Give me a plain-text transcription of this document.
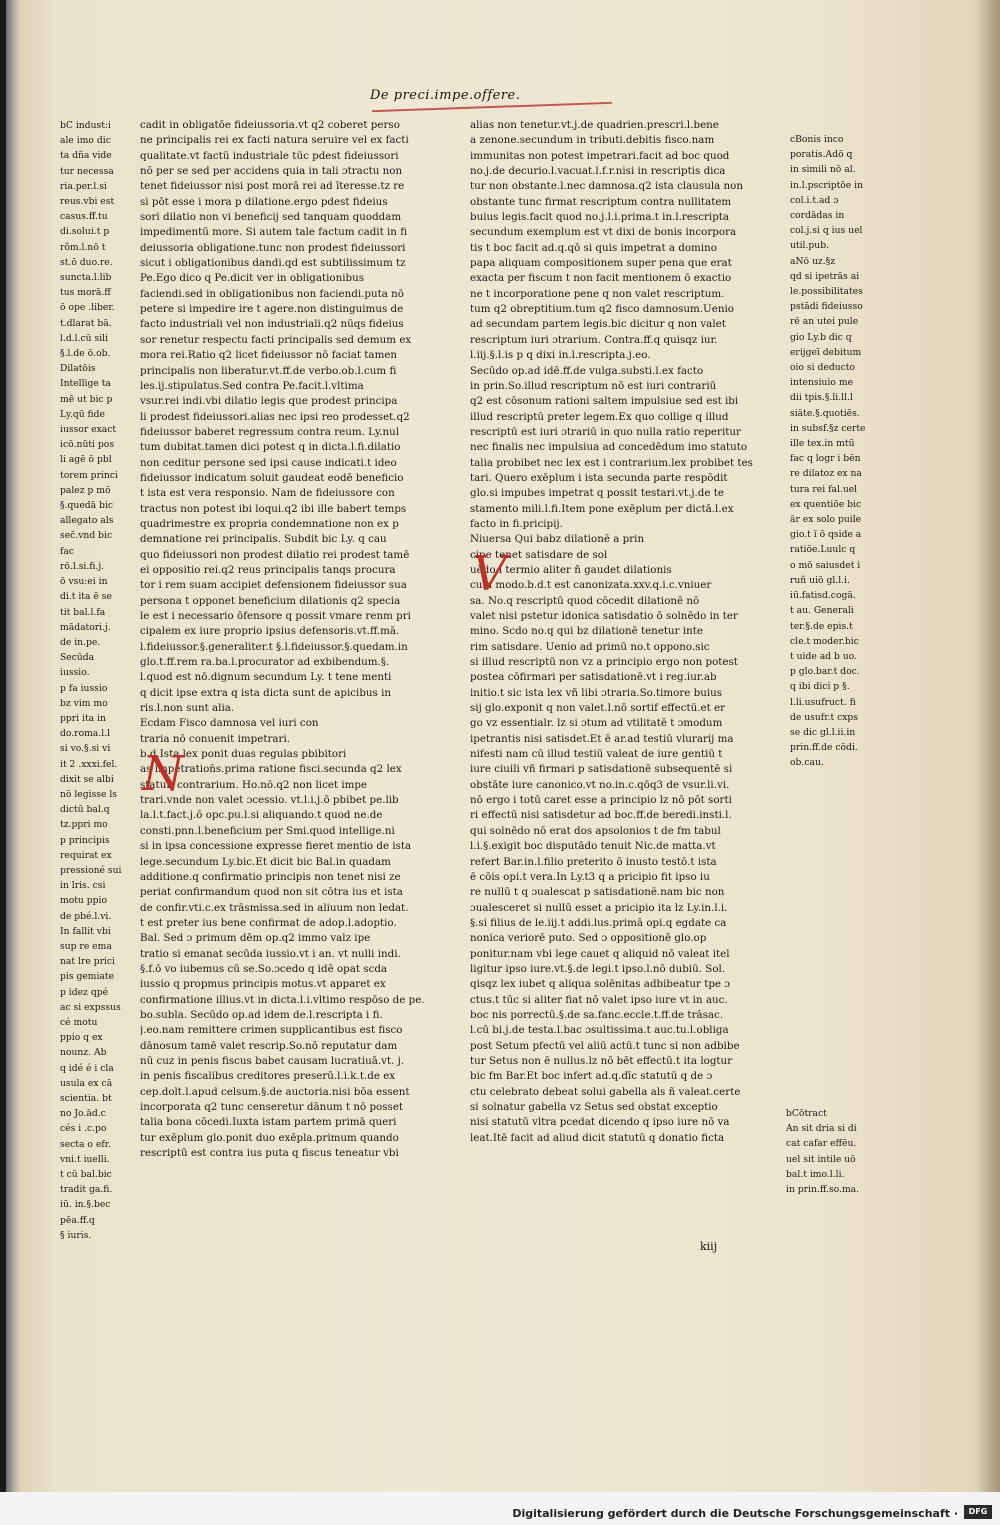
De preci.impe.offere.

bC indust:i

ale imo dic

ta dña vide

tur necessa

ria.per.l.si

reus.vbi est

casus.ff.tu

di.solui.t p

rõm.l.nō t

st.ō duo.re.

suncta.l.lib

tus morā.ff

ō ope .liber.

t.dlarat bā.

l.d.l.cū sili

§.l.de ō.ob.

Dilatōis

Intellige ta

mē ut bic p

Ly.qū fide

iussor exact

icō.nūti pos

li agē ō pbl

torem princi

palez p mō

§.quedā bic

allegato als

sec̄.vnd bic

fac

rō.l.si.fi.j.

ō vsu:ei in

di.t ita ē se

tit bal.l.fa

mādatori.j.

de in.pe.

Secūda

iussio.

p fa iussio

bz vim mo

ppri ita in

do.roma.l.l

si vo.§.si vi

it 2 .xxxi.fel.

dixit se albi

nō legisse ls

dictū bal.q

tz.ppri mo

p principis

requirat ex

pressioné sui

in lris. csi

motu ppio

de pbé.l.vi.

In fallit vbi

sup re ema

nat lre prici

pis gemiate

p idez qpé

ac si expssus

cé motu

ppio q ex

nounz. Ab

q idé é i cla

usula ex cā

scientia. bt

no Jo.ād.c

cés i .c.po

secta o efr.

vni.t iuelli.

t cū bal.bic

tradit ga.fi.

iū. in.§.bec

pēa.ff.q

§ iuris.

cadit in obligatōe fideiussoria.vt q2 coberet perso

ne principalis rei ex facti natura seruire vel ex facti

qualitate.vt factū industriale tūc pdest fideiussori

nō per se sed per accidens quia in tali ɔtractu non

tenet fideiussor nisi post morā rei ad īteresse.tz re

si pōt esse i mora p dilatione.ergo pdest fideius

sori dilatio non vi beneficij sed tanquam quoddam

impedimentū more. Si autem tale factum cadit in fi

deiussoria obligatione.tunc non prodest fideiussori

sicut i obligationibus dandi.qd est subtilissimum tz

Pe.Ego dico q Pe.dicit ver in obligationibus

faciendi.sed in obligationibus non faciendi.puta nō

petere si impedire ire t agere.non distinguimus de

facto industriali vel non industriali.q2 nūqs fideius

sor renetur respectu facti principalis sed demum ex

mora rei.Ratio q2 licet fideiussor nō faciat tamen

principalis non liberatur.vt.ff.de verbo.ob.l.cum fi

les.ij.stipulatus.Sed contra Pe.facit.l.vltima

vsur.rei indi.vbi dilatio legis que prodest principa

li prodest fideiussori.alias nec ipsi reo prodesset.q2

fideiussor baberet regressum contra reum. Ly.nul

tum dubitat.tamen dici potest q in dicta.l.fi.dilatio

non ceditur persone sed ipsi cause indicati.t ideo

fideiussor indicatum soluit gaudeat eodē beneficio

t ista est vera responsio. Nam de fideiussore con

tractus non potest ibi loqui.q2 ibi ille babert temps

quadrimestre ex propria condemnatione non ex p

demnatione rei principalis. Subdit bic Ly. q cau

quo fideiussori non prodest dilatio rei prodest tamē

ei oppositio rei.q2 reus principalis tanqs procura

tor i rem suam accipiet defensionem fideiussor sua

persona t opponet beneficium dilationis q2 specia

le est i necessario ōfensore q possit vmare renm pri

cipalem ex iure proprio ipsius defensoris.vt.ff.mā.

l.fideiussor.§.generaliter.t §.l.fideiussor.§.quedam.in

glo.t.ff.rem ra.ba.l.procurator ad exbibendum.§.

l.quod est nō.dignum secundum Ly. t tene menti

q dicit ipse extra q ista dicta sunt de apicibus in

ris.l.non sunt alia.

Ecdam Fisco damnosa vel iuri con

traria nō conuenit impetrari.

b.d.Ista lex ponit duas regulas pbibitori

as impetration̄s.prima ratione fisci.secunda q2 lex

statuit contrarium. Ho.nō.q2 non licet impe

trari.vnde non valet ɔcessio. vt.l.i.j.ō pbibet pe.lib

la.l.t.fact.j.ō opc.pu.l.si aliquando.t quod ne.de

consti.pnn.l.beneficium per Smi.quod intellige.ni

si in ipsa concessione expresse fieret mentio de ista

lege.secundum Ly.bic.Et dicit bic Bal.in quadam

additione.q confirmatio principis non tenet nisi ze

periat confirmandum quod non sit cōtra ius et ista

de confir.vti.c.ex trāsmissa.sed in aliuum non ledat.

t est preter ius bene confirmat de adop.l.adoptio.

Bal. Sed ɔ primum dēm op.q2 immo valz ipe

tratio si emanat secūda iussio.vt i an. vt nulli indi.

§.f.ō vo iubemus cū se.So.ɔcedo q idē opat scda

iussio q propmus principis motus.vt apparet ex

confirmatione illius.vt in dicta.l.i.vltimo respōso de pe.

bo.subla. Secūdo op.ad idem de.l.rescripta i fi.

j.eo.nam remittere crimen supplicantibus est fisco

dānosum tamē valet rescrip.So.nō reputatur dam

nū cuz in penis fiscus babet causam lucratiuā.vt. j.

in penis fiscalibus creditores preserū.l.i.k.t.de ex

cep.dolt.l.apud celsum.§.de auctoria.nisi bōa essent

incorporata q2 tunc censeretur dānum t nō posset

talia bona cōcedi.Iuxta istam partem primā queri

tur exēplum glo.ponit duo exēpla.primum quando

rescriptū est contra ius puta q fiscus teneatur vbi

alias non tenetur.vt.j.de quadrien.prescri.l.bene

a zenone.secundum in tributi.debitis fisco.nam

immunitas non potest impetrari.facit ad boc quod

no.j.de decurio.l.vacuat.l.f.r.nisi in rescriptis dica

tur non obstante.l.nec damnosa.q2 ista clausula non

obstante tunc firmat rescriptum contra nullitatem

buius legis.facit quod no.j.l.i.prima.t in.l.rescripta

secundum exemplum est vt dixi de bonis incorpora

tis t boc facit ad.q.qō si quis impetrat a domino

papa aliquam compositionem super pena que erat

exacta per fiscum t non facit mentionem ō exactio

ne t incorporatione pene q non valet rescriptum.

tum q2 obreptitium.tum q2 fisco damnosum.Uenio

ad secundam partem legis.bic dicitur q non valet

rescriptum iuri ɔtrarium. Contra.ff.q quisqz iur.

l.iij.§.l.is p q dixi in.l.rescripta.j.eo.

Secūdo op.ad idē.ff.de vulga.substi.l.ex facto

in prin.So.illud rescriptum nō est iuri contrariū

q2 est cōsonum rationi saltem impulsiue sed est ibi

illud rescriptū preter legem.Ex quo collige q illud

rescriptū est iuri ɔtrariū in quo nulla ratio reperitur

nec finalis nec impulsiua ad concedēdum imo statuto

talia probibet nec lex est i contrarium.lex probibet tes

tari. Quero exēplum i ista secunda parte respōdit

glo.si impubes impetrat q possit testari.vt.j.de te

stamento mili.l.fi.Item pone exēplum per dictā.l.ex

facto in fi.pricipij.

Niuersa Qui babz dilationē a prin

cipe tenet satisdare de sol

uēdo i termio aliter ñ gaudet dilationis

cum modo.b.d.t est canonizata.xxv.q.i.c.vniuer

sa. No.q rescriptū quod cōcedit dilationē nō

valet nisi pstetur idonica satisdatio ō solnēdo in ter

mino. Scdo no.q qui bz dilationē tenetur inte

rim satisdare. Uenio ad primū no.t oppono.sic

si illud rescriptū non vz a principio ergo non potest

postea cōfirmari per satisdationē.vt i reg.iur.ab

initio.t sic ista lex vñ libi ɔtraria.So.timore buius

sij glo.exponit q non valet.l.nō sortif effectū.et er

go vz essentialr. lz si ɔtum ad vtilitatē t ɔmodum

ipetrantis nisi satisdet.Et ē ar.ad testiū vlurarij ma

nifesti nam cū illud testiū valeat de iure gentiū t

iure ciuili vñ firmari p satisdationē subsequentē si

obstāte iure canonico.vt no.in.c.qōq3 de vsur.li.vi.

nō ergo i totū caret esse a principio lz nō pōt sorti

ri effectū nisi satisdetur ad boc.ff.de beredi.insti.l.

qui solnēdo nō erat dos apsolonios t de fm tabul

l.i.§.exigit boc disputādo tenuit Nic.de matta.vt

refert Bar.in.l.filio preterito ō inusto testō.t ista

ē cōis opi.t vera.In Ly.t3 q a pricipio fit ipso iu

re nullū t q ɔualescat p satisdationē.nam bic non

ɔualesceret si nullū esset a pricipio ita lz Ly.in.l.i.

§.si filius de le.iij.t addi.lus.primā opi.q egdate ca

nonica veriorē puto. Sed ɔ oppositionē glo.op

ponitur.nam vbi lege cauet q aliquid nō valeat itel

ligitur ipso iure.vt.§.de legi.t ipso.l.nō dubiū. Sol.

qisqz lex iubet q aliqua solēnitas adbibeatur tpe ɔ

ctus.t tūc si aliter fiat nō valet ipso iure vt in auc.

boc nis porrectū.§.de sa.fanc.eccle.t.ff.de trāsac.

l.cū bi.j.de testa.l.bac ɔsultissima.t auc.tu.l.obliga

post Setum pfectū vel aliū actū.t tunc si non adbibe

tur Setus non ē nullus.lz nō bēt effectū.t ita logtur

bic fm Bar.Et boc infert ad.q.dīc statutū q de ɔ

ctu celebrato debeat solui gabella als ñ valeat.certe

si solnatur gabella vz Setus sed obstat exceptio

nisi statutū vltra pcedat dicendo q ipso iure nō va

leat.Itē facit ad aliud dicit statutū q donatio ficta

cBonis inco

poratis.Adō q

in simili nō al.

in.l.pscriptōe in

col.i.t.ad ɔ

cordādas in

col.j.si q ius uel

util.pub.

aNō uz.§z

qd si ipetrās ai

le.possibilitates

pstādi fideiusso

rē an utei pule

gio Ly.b dic q

erijgeī debitum

oio si deducto

intensiuio me

dii tpis.§.li.ll.l

siāte.§.quotiēs.

in subsf.§z certe

ille tex.in mtū

fac q logr i bēn

re dilatoz ex na

tura rei fal.uel

ex quentiōe bic

ār ex solo puile

gio.t ï ō qside a

ratiōe.Luulc q

o mō saiusdet i

ruñ uiō gl.l.i.

iū.fatisd.cogā.

t au. Generali

ter.§.de epis.t

cle.t moder.bic

t uide ad b uo.

p glo.bar.t doc.

q ibi dici p §.

l.li.usufruct. fi

de usufr.t cxps

se dic gl.l.ii.in

prin.ff.de cōdi.

ob.cau.

bCōtract

An sit dria si di

cat cafar effēu.

uel sit intile uō

bal.t imo.l.li.

in prin.ff.so.ma.

N
V
kiij
Digitalisierung gefördert durch die Deutsche Forschungsgemeinschaft ·	DFG
